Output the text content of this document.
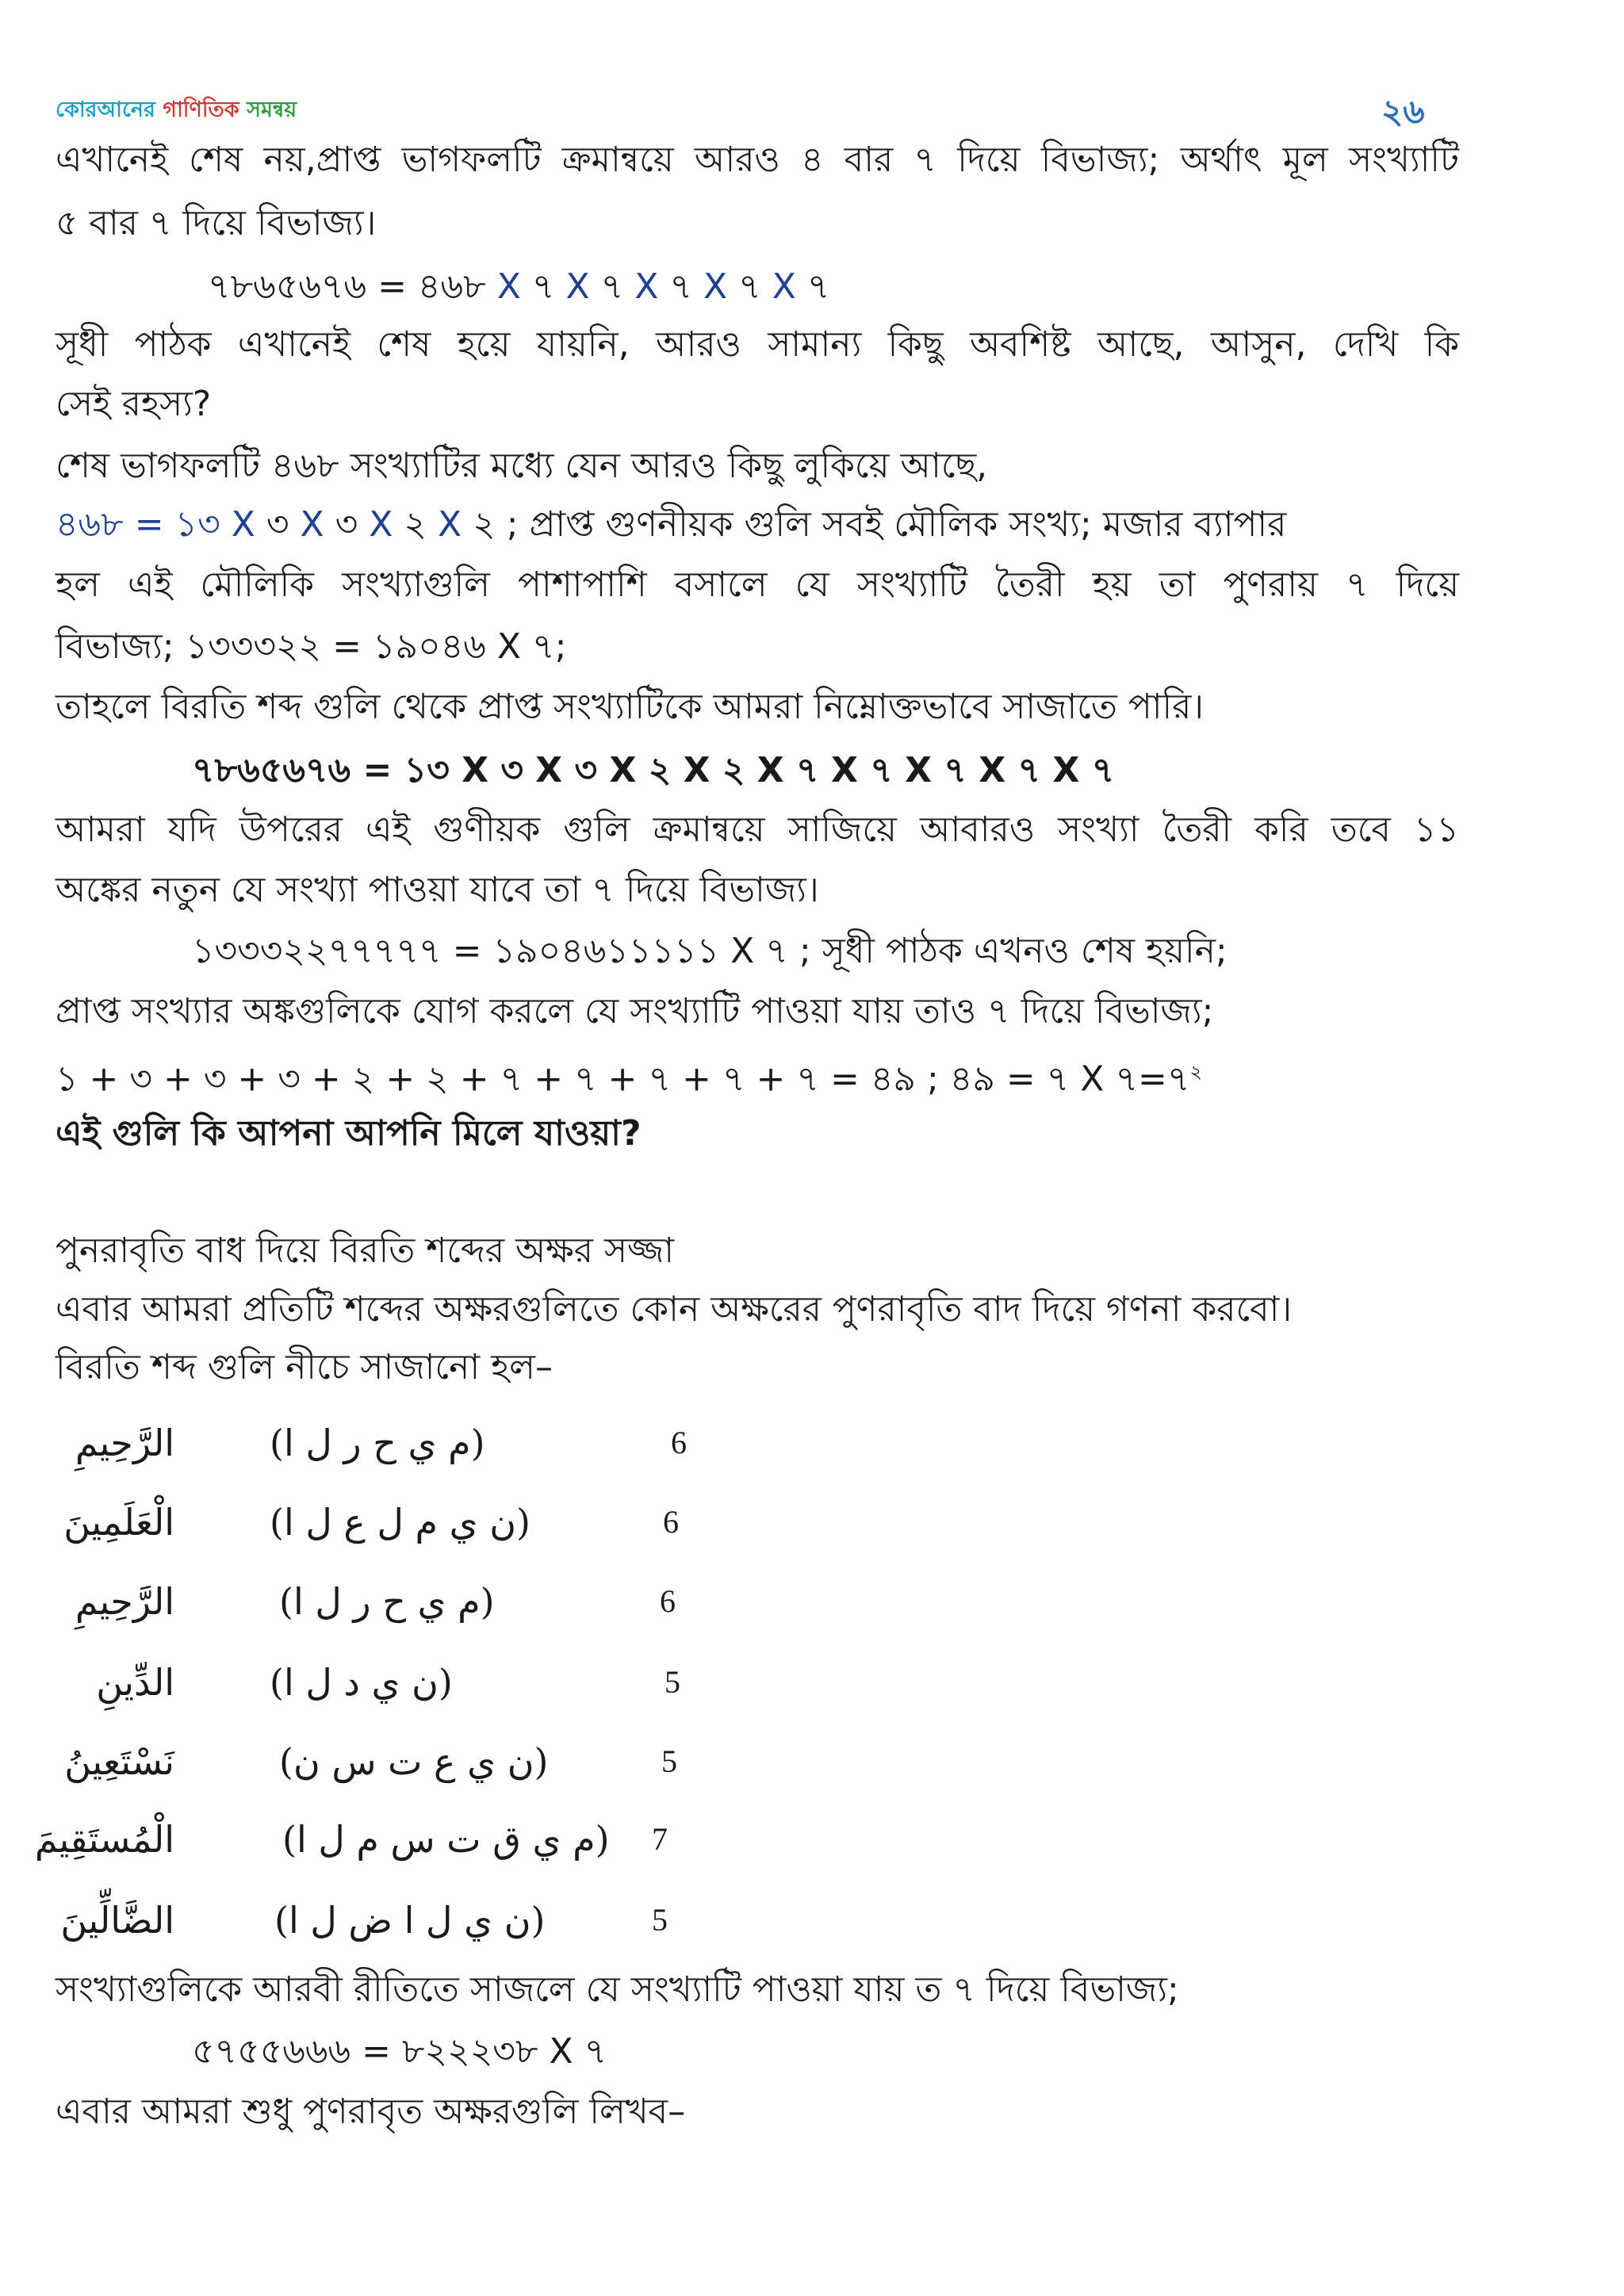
কোরআনের গাণিতিক সমন্বয়	২৬
এখানেই শেষ নয়,প্রাপ্ত ভাগফলটি ক্রমান্বয়ে আরও ৪ বার ৭ দিয়ে বিভাজ্য; অর্থাৎ মূল সংখ্যাটি
৫ বার ৭ দিয়ে বিভাজ্য।
৭৮৬৫৬৭৬ = ৪৬৮ X ৭ X ৭ X ৭ X ৭ X ৭
সূধী পাঠক এখানেই শেষ হয়ে যায়নি, আরও সামান্য কিছু অবশিষ্ট আছে, আসুন, দেখি কি
সেই রহস্য?
শেষ ভাগফলটি ৪৬৮ সংখ্যাটির মধ্যে যেন আরও কিছু লুকিয়ে আছে,
৪৬৮ = ১৩ X ৩ X ৩ X ২ X ২ ; প্রাপ্ত গুণনীয়ক গুলি সবই মৌলিক সংখ্য; মজার ব্যাপার
হল এই মৌলিকি সংখ্যাগুলি পাশাপাশি বসালে যে সংখ্যাটি তৈরী হয় তা পুণরায় ৭ দিয়ে
বিভাজ্য; ১৩৩৩২২ = ১৯০৪৬ X ৭;
তাহলে বিরতি শব্দ গুলি থেকে প্রাপ্ত সংখ্যাটিকে আমরা নিম্নোক্তভাবে সাজাতে পারি।
৭৮৬৫৬৭৬ = ১৩ X ৩ X ৩ X ২ X ২ X ৭ X ৭ X ৭ X ৭ X ৭
আমরা যদি উপরের এই গুণীয়ক গুলি ক্রমান্বয়ে সাজিয়ে আবারও সংখ্যা তৈরী করি তবে ১১
অঙ্কের নতুন যে সংখ্যা পাওয়া যাবে তা ৭ দিয়ে বিভাজ্য।
১৩৩৩২২৭৭৭৭৭ = ১৯০৪৬১১১১১ X ৭ ; সূধী পাঠক এখনও শেষ হয়নি;
প্রাপ্ত সংখ্যার অঙ্কগুলিকে যোগ করলে যে সংখ্যাটি পাওয়া যায় তাও ৭ দিয়ে বিভাজ্য;
১ + ৩ + ৩ + ৩ + ২ + ২ + ৭ + ৭ + ৭ + ৭ + ৭ = ৪৯ ; ৪৯ = ৭ X $৭=৭^২$
এই গুলি কি আপনা আপনি মিলে যাওয়া?
পুনরাবৃতি বাধ দিয়ে বিরতি শব্দের অক্ষর সজ্জা
এবার আমরা প্রতিটি শব্দের অক্ষরগুলিতে কোন অক্ষরের পুণরাবৃতি বাদ দিয়ে গণনা করবো।
বিরতি শব্দ গুলি নীচে সাজানো হল–
الرَّحِيمِ	(م ي ح ر ل ا)	6
الْعَلَمِينَ	(ن ي م ل ع ل ا)	6
الرَّحِيمِ	(م ي ح ر ل ا)	6
الدِّينِ	(ن ي د ل ا)	5
نَسْتَعِينُ	(ن ي ع ت س ن)	5
الْمُستَقِيمَ	(م ي ق ت س م ل ا) 7
الضَّالِّينَ	(ن ي ل ا ض ل ا)	5
সংখ্যাগুলিকে আরবী রীতিতে সাজলে যে সংখ্যাটি পাওয়া যায় ত ৭ দিয়ে বিভাজ্য;
৫৭৫৫৬৬৬ = ৮২২২৩৮ X ৭
এবার আমরা শুধু পুণরাবৃত অক্ষরগুলি লিখব–
